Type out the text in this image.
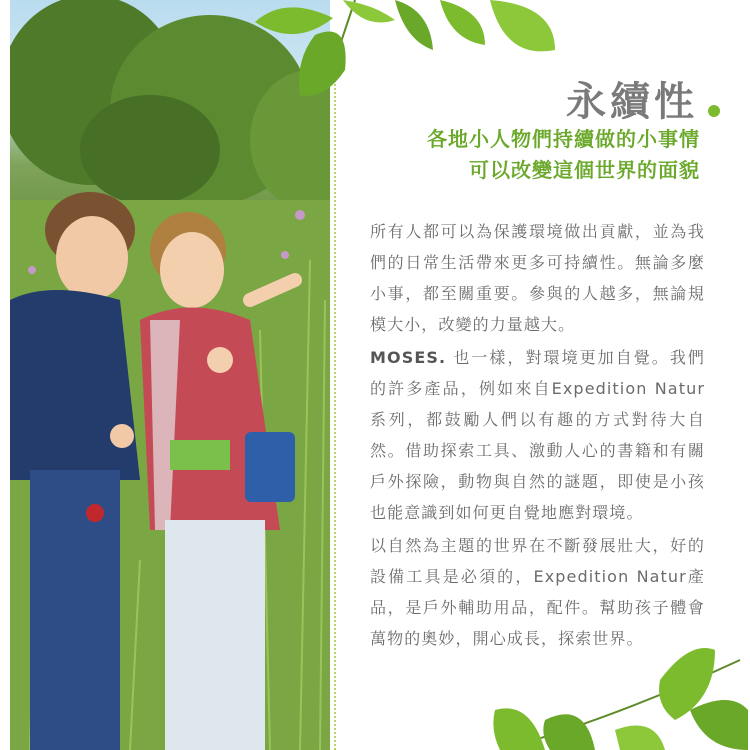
永續性
各地小人物們持續做的小事情
可以改變這個世界的面貌
所有人都可以為保護環境做出貢獻，並為我們的日常生活帶來更多可持續性。無論多麼小事，都至關重要。參與的人越多，無論規模大小，改變的力量越大。
MOSES. 也一樣，對環境更加自覺。我們的許多產品，例如來自Expedition Natur系列，都鼓勵人們以有趣的方式對待大自然。借助探索工具、激動人心的書籍和有關戶外探險，動物與自然的謎題，即使是小孩也能意識到如何更自覺地應對環境。
以自然為主題的世界在不斷發展壯大，好的設備工具是必須的，Expedition Natur產品，是戶外輔助用品，配件。幫助孩子體會萬物的奧妙，開心成長，探索世界。
